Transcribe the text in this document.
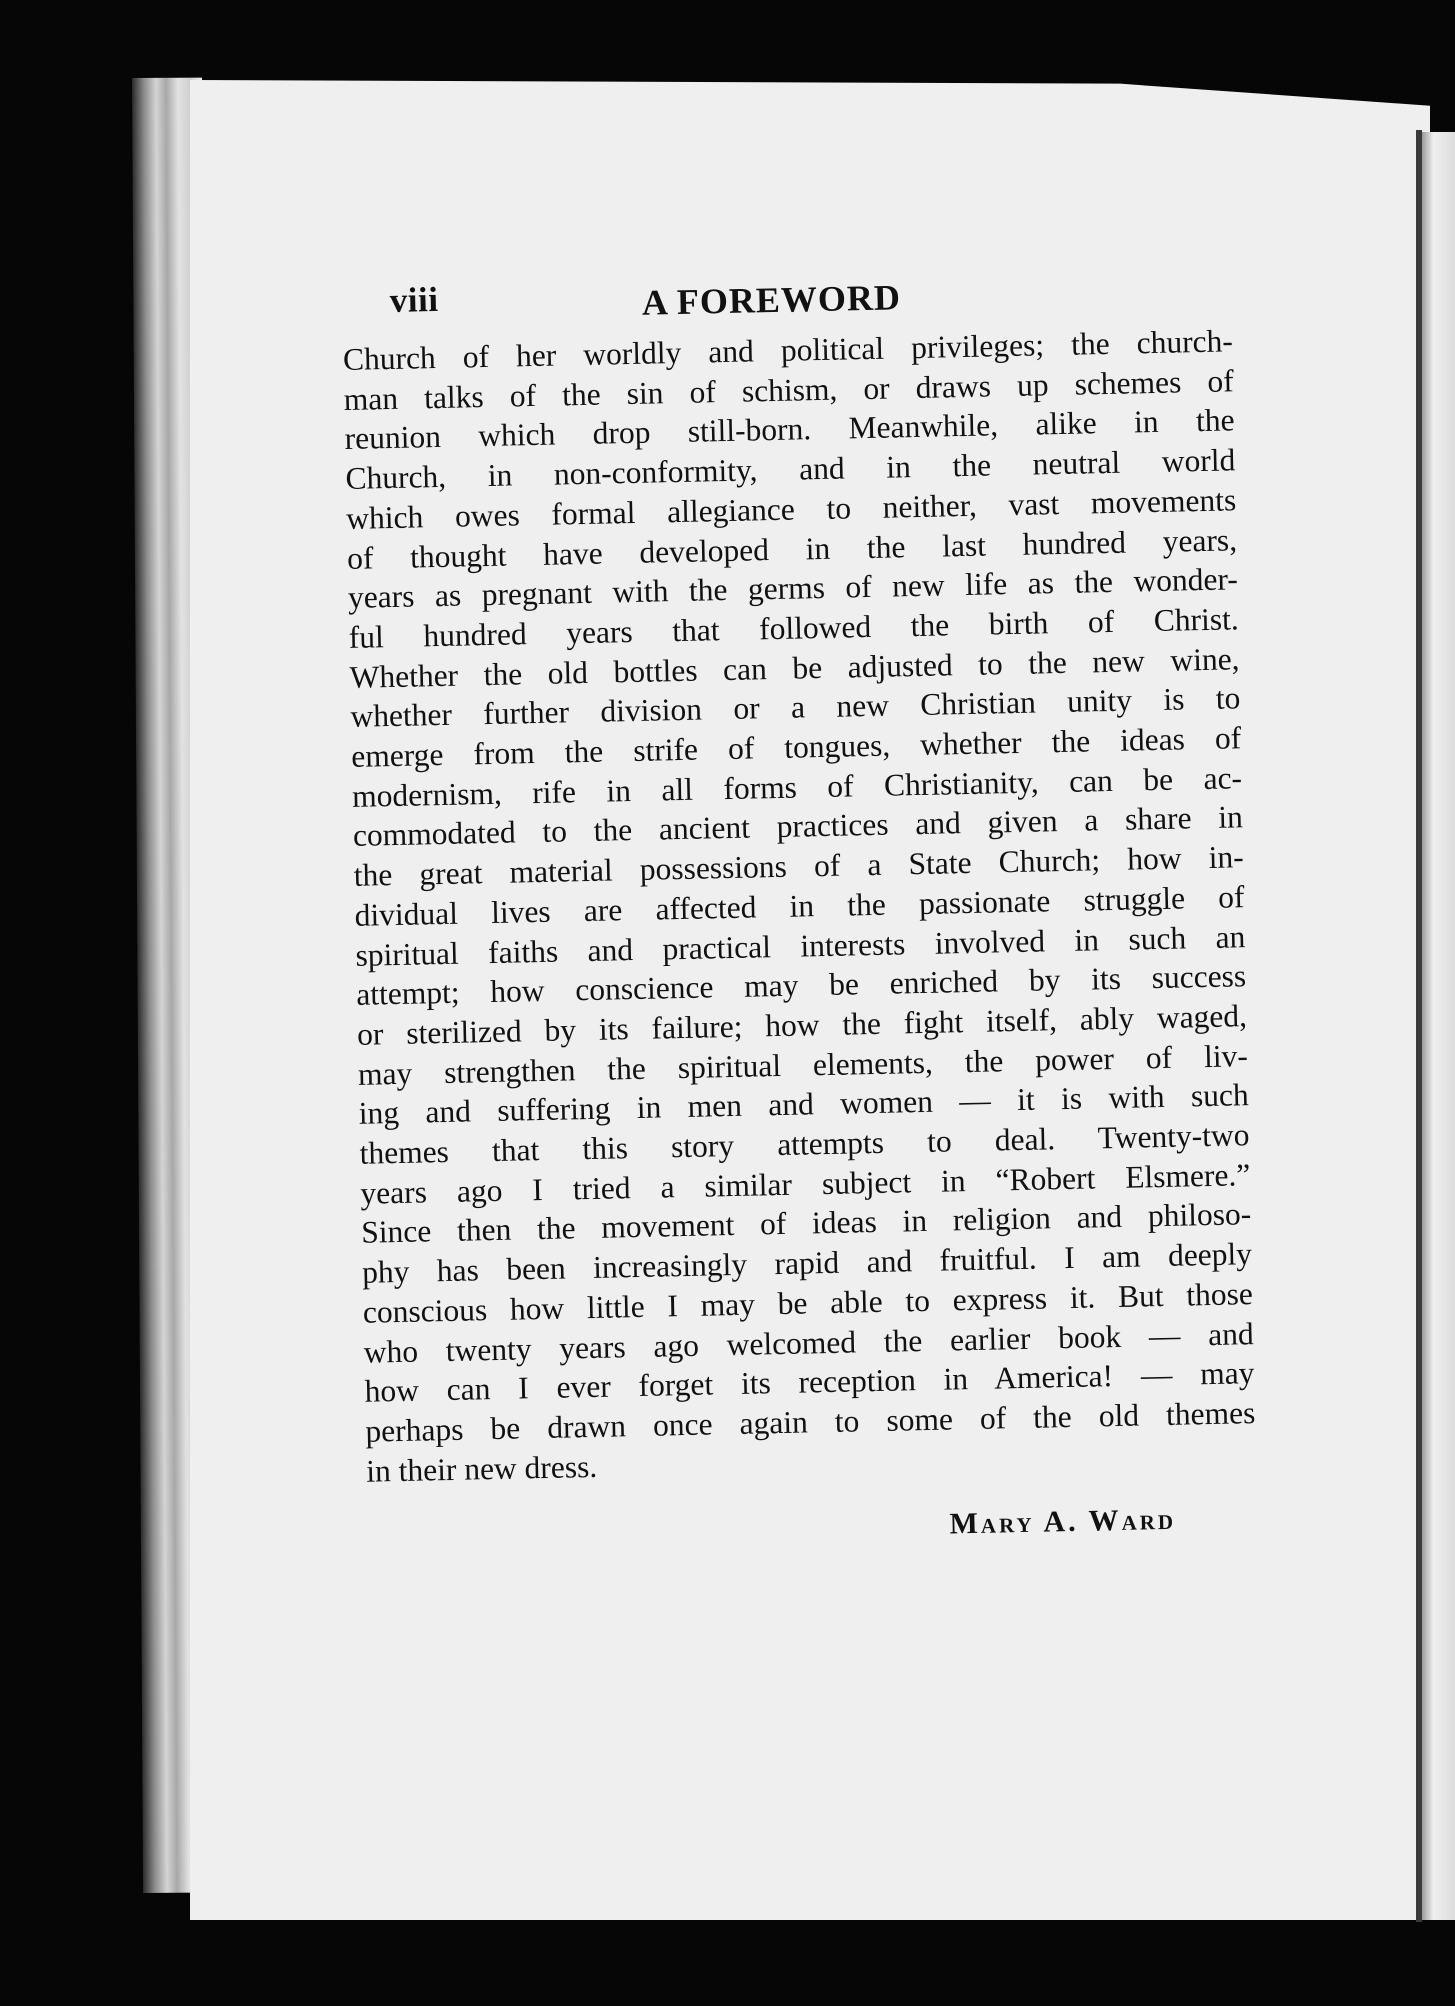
viii	A FOREWORD
Church of her worldly and political privileges; the church-
man talks of the sin of schism, or draws up schemes of
reunion which drop still-born. Meanwhile, alike in the
Church, in non-conformity, and in the neutral world
which owes formal allegiance to neither, vast movements
of thought have developed in the last hundred years,
years as pregnant with the germs of new life as the wonder-
ful hundred years that followed the birth of Christ.
Whether the old bottles can be adjusted to the new wine,
whether further division or a new Christian unity is to
emerge from the strife of tongues, whether the ideas of
modernism, rife in all forms of Christianity, can be ac-
commodated to the ancient practices and given a share in
the great material possessions of a State Church; how in-
dividual lives are affected in the passionate struggle of
spiritual faiths and practical interests involved in such an
attempt; how conscience may be enriched by its success
or sterilized by its failure; how the fight itself, ably waged,
may strengthen the spiritual elements, the power of liv-
ing and suffering in men and women — it is with such
themes that this story attempts to deal. Twenty-two
years ago I tried a similar subject in “Robert Elsmere.”
Since then the movement of ideas in religion and philoso-
phy has been increasingly rapid and fruitful. I am deeply
conscious how little I may be able to express it. But those
who twenty years ago welcomed the earlier book — and
how can I ever forget its reception in America! — may
perhaps be drawn once again to some of the old themes
in their new dress.
Mary A. Ward
